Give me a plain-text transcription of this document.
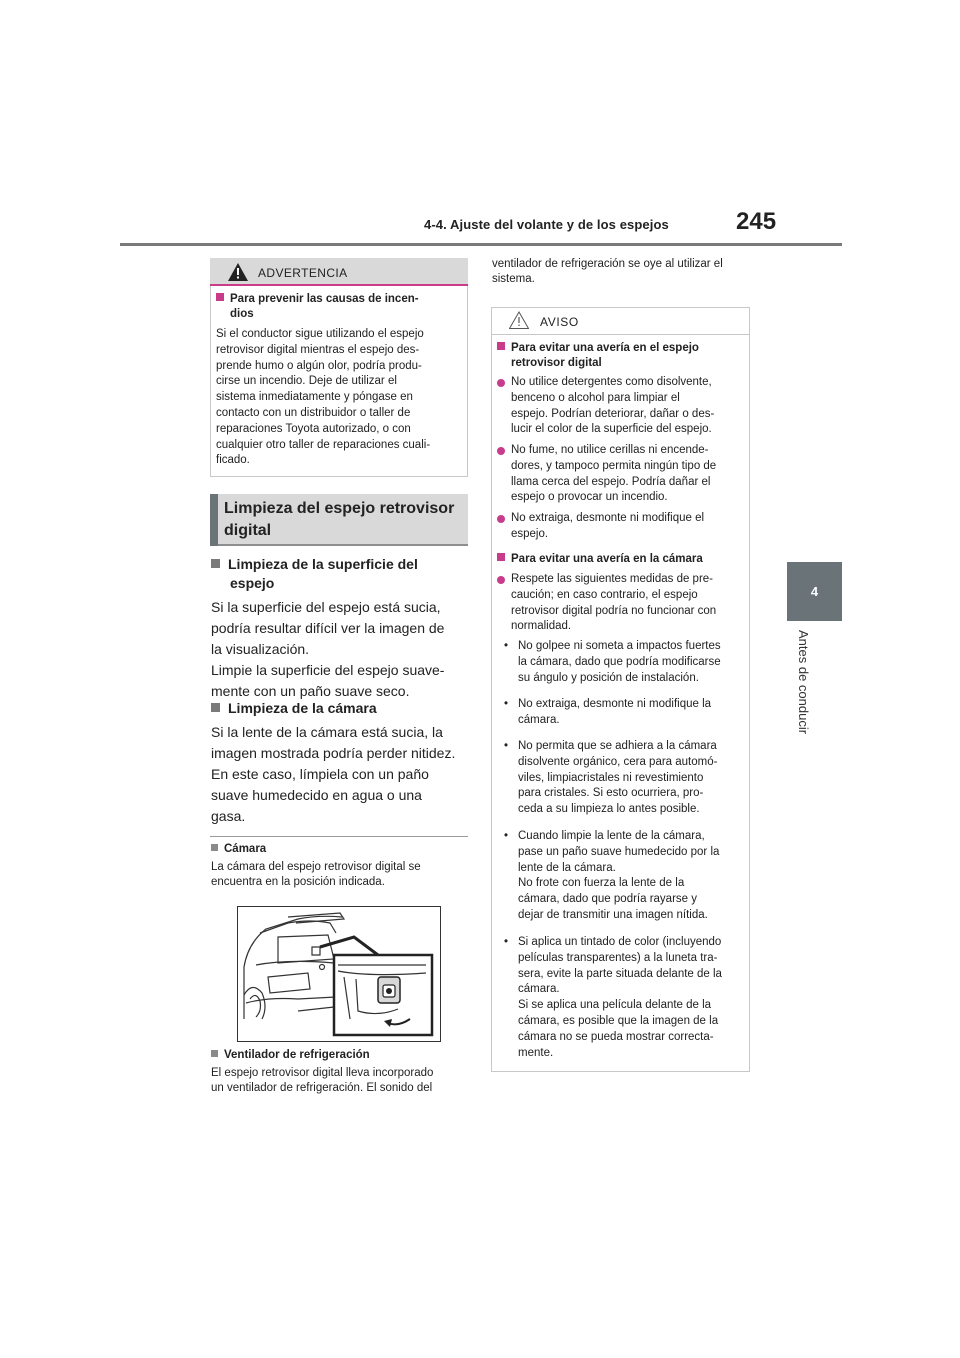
4-4. Ajuste del volante y de los espejos	245
4
Antes de conducir
ADVERTENCIA
Para prevenir las causas de incen-
dios
Si el conductor sigue utilizando el espejo
retrovisor digital mientras el espejo des-
prende humo o algún olor, podría produ-
cirse un incendio. Deje de utilizar el
sistema inmediatamente y póngase en
contacto con un distribuidor o taller de
reparaciones Toyota autorizado, o con
cualquier otro taller de reparaciones cuali-
ficado.
Limpieza del espejo retrovisor
digital
Limpieza de la superficie del
espejo
Si la superficie del espejo está sucia,
podría resultar difícil ver la imagen de
la visualización.
Limpie la superficie del espejo suave-
mente con un paño suave seco.
Limpieza de la cámara
Si la lente de la cámara está sucia, la
imagen mostrada podría perder nitidez.
En este caso, límpiela con un paño
suave humedecido en agua o una
gasa.
Cámara
La cámara del espejo retrovisor digital se
encuentra en la posición indicada.
Ventilador de refrigeración
El espejo retrovisor digital lleva incorporado
un ventilador de refrigeración. El sonido del
ventilador de refrigeración se oye al utilizar el
sistema.
AVISO
Para evitar una avería en el espejo
retrovisor digital
No utilice detergentes como disolvente,
benceno o alcohol para limpiar el
espejo. Podrían deteriorar, dañar o des-
lucir el color de la superficie del espejo.
No fume, no utilice cerillas ni encende-
dores, y tampoco permita ningún tipo de
llama cerca del espejo. Podría dañar el
espejo o provocar un incendio.
No extraiga, desmonte ni modifique el
espejo.
Para evitar una avería en la cámara
Respete las siguientes medidas de pre-
caución; en caso contrario, el espejo
retrovisor digital podría no funcionar con
normalidad.
• No golpee ni someta a impactos fuertes
la cámara, dado que podría modificarse
su ángulo y posición de instalación.
• No extraiga, desmonte ni modifique la
cámara.
• No permita que se adhiera a la cámara
disolvente orgánico, cera para automó-
viles, limpiacristales ni revestimiento
para cristales. Si esto ocurriera, pro-
ceda a su limpieza lo antes posible.
• Cuando limpie la lente de la cámara,
pase un paño suave humedecido por la
lente de la cámara.
No frote con fuerza la lente de la
cámara, dado que podría rayarse y
dejar de transmitir una imagen nítida.
• Si aplica un tintado de color (incluyendo
películas transparentes) a la luneta tra-
sera, evite la parte situada delante de la
cámara.
Si se aplica una película delante de la
cámara, es posible que la imagen de la
cámara no se pueda mostrar correcta-
mente.
